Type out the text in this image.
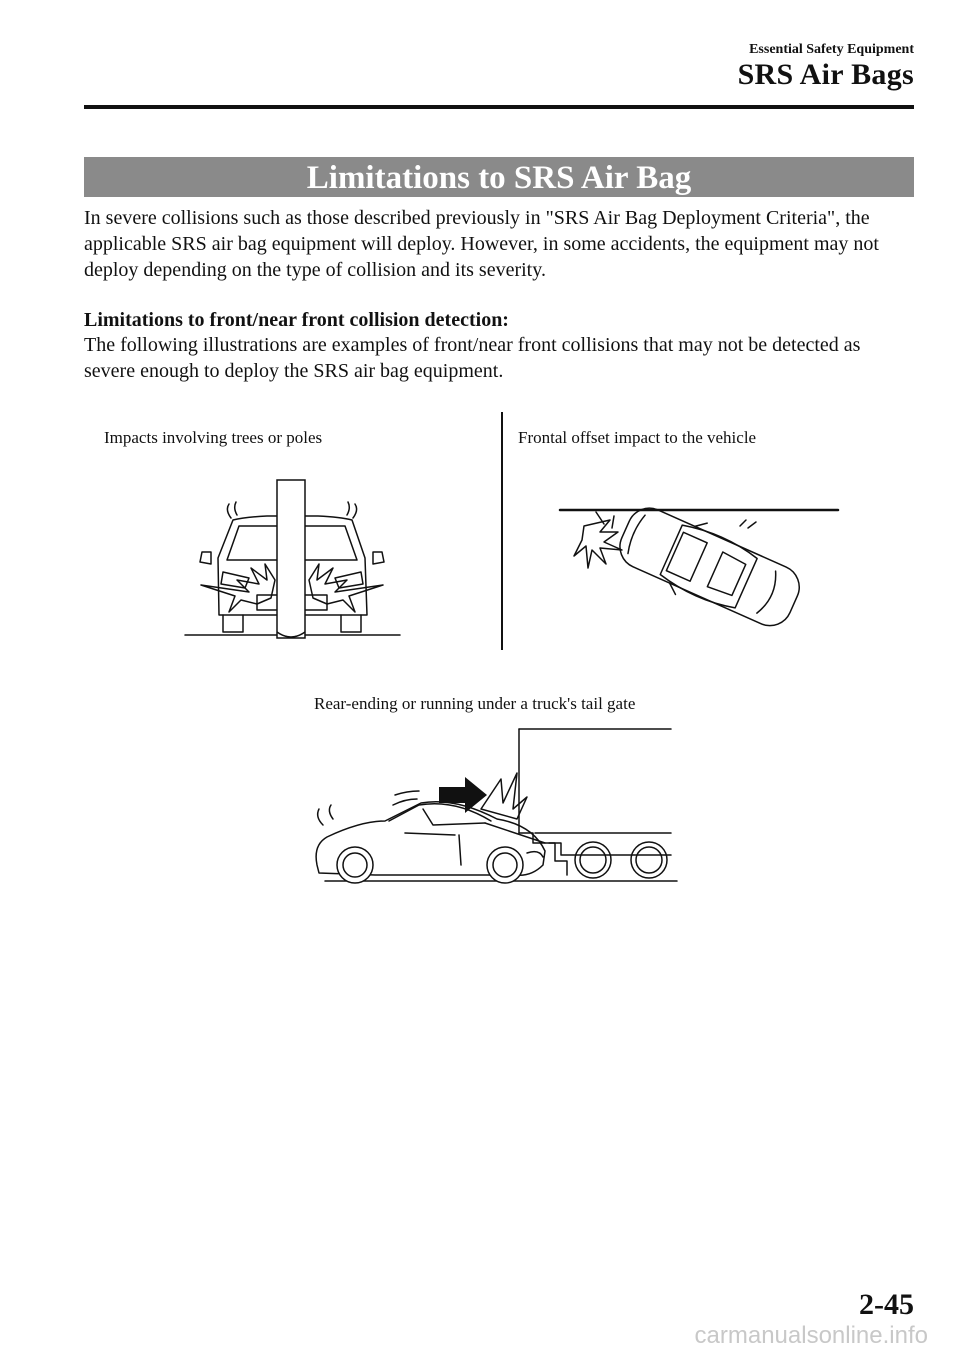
Essential Safety Equipment
SRS Air Bags
Limitations to SRS Air Bag

In severe collisions such as those described previously in "SRS Air Bag Deployment Criteria", the applicable SRS air bag equipment will deploy. However, in some accidents, the equipment may not deploy depending on the type of collision and its severity.

Limitations to front/near front collision detection:

The following illustrations are examples of front/near front collisions that may not be detected as severe enough to deploy the SRS air bag equipment.

Impacts involving trees or poles	Frontal offset impact to the vehicle
Rear-ending or running under a truck's tail gate
2-45
carmanualsonline.info
